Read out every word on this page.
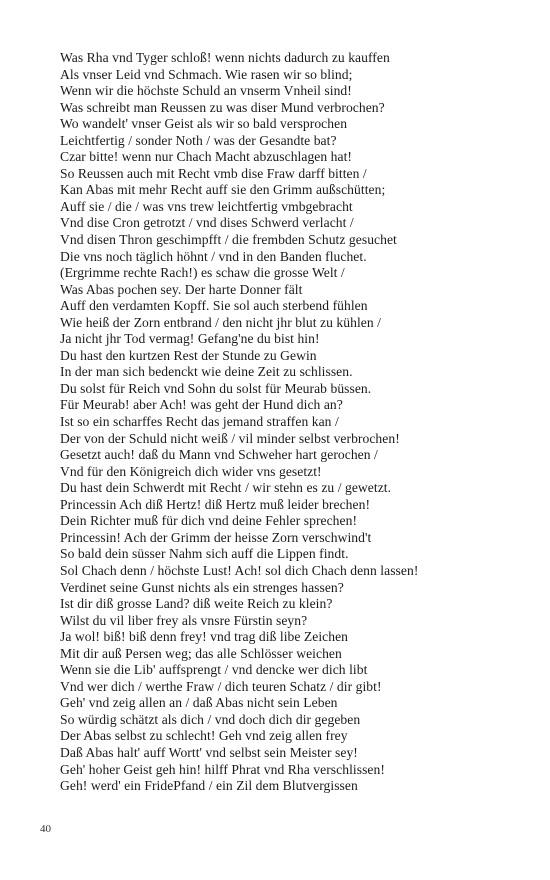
Was Rha vnd Tyger schloß! wenn nichts dadurch zu kauffen
Als vnser Leid vnd Schmach. Wie rasen wir so blind;
Wenn wir die höchste Schuld an vnserm Vnheil sind!
Was schreibt man Reussen zu was diser Mund verbrochen?
Wo wandelt' vnser Geist als wir so bald versprochen
Leichtfertig / sonder Noth / was der Gesandte bat?
Czar bitte! wenn nur Chach Macht abzuschlagen hat!
So Reussen auch mit Recht vmb dise Fraw darff bitten /
Kan Abas mit mehr Recht auff sie den Grimm außschütten;
Auff sie / die / was vns trew leichtfertig vmbgebracht
Vnd dise Cron getrotzt / vnd dises Schwerd verlacht /
Vnd disen Thron geschimpfft / die frembden Schutz gesuchet
Die vns noch täglich höhnt / vnd in den Banden fluchet.
(Ergrimme rechte Rach!) es schaw die grosse Welt /
Was Abas pochen sey. Der harte Donner fält
Auff den verdamten Kopff. Sie sol auch sterbend fühlen
Wie heiß der Zorn entbrand / den nicht jhr blut zu kühlen /
Ja nicht jhr Tod vermag! Gefang'ne du bist hin!
Du hast den kurtzen Rest der Stunde zu Gewin
In der man sich bedenckt wie deine Zeit zu schlissen.
Du solst für Reich vnd Sohn du solst für Meurab büssen.
Für Meurab! aber Ach! was geht der Hund dich an?
Ist so ein scharffes Recht das jemand straffen kan /
Der von der Schuld nicht weiß / vil minder selbst verbrochen!
Gesetzt auch! daß du Mann vnd Schweher hart gerochen /
Vnd für den Königreich dich wider vns gesetzt!
Du hast dein Schwerdt mit Recht / wir stehn es zu / gewetzt.
Princessin Ach diß Hertz! diß Hertz muß leider brechen!
Dein Richter muß für dich vnd deine Fehler sprechen!
Princessin! Ach der Grimm der heisse Zorn verschwind't
So bald dein süsser Nahm sich auff die Lippen findt.
Sol Chach denn / höchste Lust! Ach! sol dich Chach denn lassen!
Verdinet seine Gunst nichts als ein strenges hassen?
Ist dir diß grosse Land? diß weite Reich zu klein?
Wilst du vil liber frey als vnsre Fürstin seyn?
Ja wol! biß! biß denn frey! vnd trag diß libe Zeichen
Mit dir auß Persen weg; das alle Schlösser weichen
Wenn sie die Lib' auffsprengt / vnd dencke wer dich libt
Vnd wer dich / werthe Fraw / dich teuren Schatz / dir gibt!
Geh' vnd zeig allen an / daß Abas nicht sein Leben
So würdig schätzt als dich / vnd doch dich dir gegeben
Der Abas selbst zu schlecht! Geh vnd zeig allen frey
Daß Abas halt' auff Wortt' vnd selbst sein Meister sey!
Geh' hoher Geist geh hin! hilff Phrat vnd Rha verschlissen!
Geh! werd' ein FridePfand / ein Zil dem Blutvergissen
40
